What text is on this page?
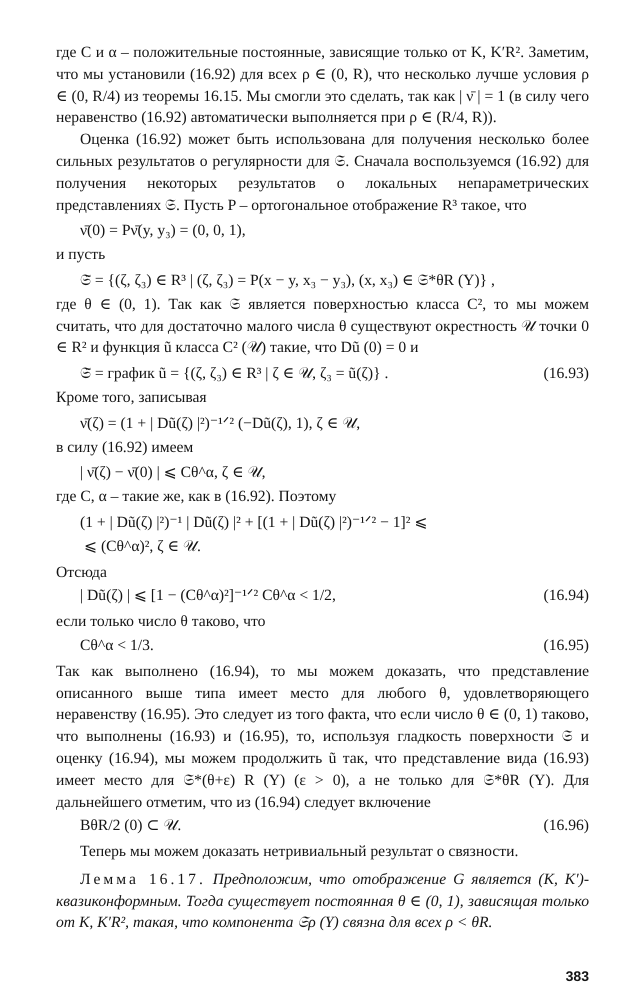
где C и α – положительные постоянные, зависящие только от K, K′R². Заметим, что мы установили (16.92) для всех ρ ∈ (0, R), что несколько лучше условия ρ ∈ (0, R/4) из теоремы 16.15. Мы смогли это сделать, так как | ν̄ | = 1 (в силу чего неравенство (16.92) автоматически выполняется при ρ ∈ (R/4, R)).

Оценка (16.92) может быть использована для получения несколько более сильных результатов о регулярности для 𝔖. Сначала воспользуемся (16.92) для получения некоторых результатов о локальных непараметрических представлениях 𝔖. Пусть P – ортогональное отображение R³ такое, что

ν̄(0) = Pν̄(y, y₃) = (0, 0, 1),

и пусть

𝔖̃ = {(ζ, ζ₃) ∈ R³ | (ζ, ζ₃) = P(x − y, x₃ − y₃), (x, x₃) ∈ 𝔖*θR (Y)} ,

где θ ∈ (0, 1). Так как 𝔖 является поверхностью класса C², то мы можем считать, что для достаточно малого числа θ существуют окрестность 𝒰 точки 0 ∈ R² и функция ũ класса C² (𝒰) такие, что Dũ (0) = 0 и

𝔖̃ = график ũ = {(ζ, ζ₃) ∈ R³ | ζ ∈ 𝒰, ζ₃ = ũ(ζ)} .	(16.93)

Кроме того, записывая

ν̄(ζ) = (1 + | Dũ(ζ) |²)⁻¹ᐟ² (−Dũ(ζ), 1), ζ ∈ 𝒰,

в силу (16.92) имеем

| ν̄(ζ) − ν̄(0) | ⩽ Cθ^α, ζ ∈ 𝒰,

где C, α – такие же, как в (16.92). Поэтому

(1 + | Dũ(ζ) |²)⁻¹ | Dũ(ζ) |² + [(1 + | Dũ(ζ) |²)⁻¹ᐟ² − 1]² ⩽
⩽ (Cθ^α)², ζ ∈ 𝒰.

Отсюда

| Dũ(ζ) | ⩽ [1 − (Cθ^α)²]⁻¹ᐟ² Cθ^α < 1/2,	(16.94)

если только число θ таково, что

Cθ^α < 1/3.	(16.95)

Так как выполнено (16.94), то мы можем доказать, что представление описанного выше типа имеет место для любого θ, удовлетворяющего неравенству (16.95). Это следует из того факта, что если число θ ∈ (0, 1) таково, что выполнены (16.93) и (16.95), то, используя гладкость поверхности 𝔖 и оценку (16.94), мы можем продолжить ũ так, что представление вида (16.93) имеет место для 𝔖*(θ+ε) R (Y) (ε > 0), а не только для 𝔖*θR (Y). Для дальнейшего отметим, что из (16.94) следует включение

BθR/2 (0) ⊂ 𝒰.	(16.96)

Теперь мы можем доказать нетривиальный результат о связности.

Лемма 16.17. Предположим, что отображение G является (K, K′)-квазиконформным. Тогда существует постоянная θ ∈ (0, 1), зависящая только от K, K′R², такая, что компонента 𝔖ρ (Y) связна для всех ρ < θR.

383
